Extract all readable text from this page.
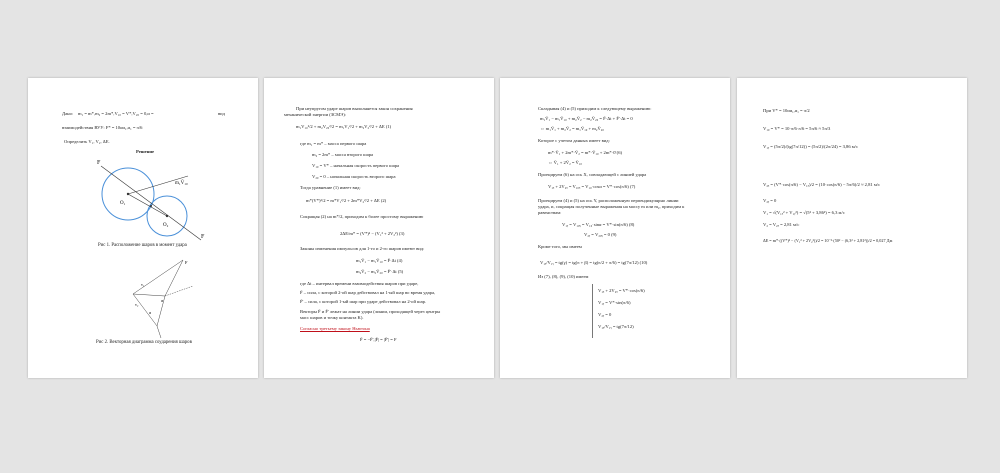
Дано: m₁ = m*,m₂ = 2m*,V₁₀ = V*,V₂₀ = 0,α =	вид
взаимодействия ВУУ: F* = 10αα₁,α₁ = π/6
Определить V₁, V₂, ΔE.
Решение
F
m₁V̄₁₀
O₁
O₂
F
Рис 1. Расположение шаров в момент удара
F
v₁
α
α
v₂
Рис 2. Векторная диаграмма соударения шаров
При неупругом ударе шаров выполняется закон сохранения
механической энергии (ЗСМЭ):
m₁V₁₀²/2 + m₂V₂₀²/2 = m₁V₁²/2 + m₂V₂²/2 + ΔE (1)
где m₁ = m* – масса первого шара
m₂ = 2m* – масса второго шара
V₁₀ = V* – начальная скорость первого шара
V₂₀ = 0 – начальная скорость второго шара
Тогда уравнение (1) имеет вид:
m*(V*)²/2 = m*V₁²/2 + 2m*V₂²/2 + ΔE (2)
Сокращая (2) на m*/2, приходим к более простому выражению
2ΔE/m* = (V*)² − (V₁² + 2V₂²) (3)
Законы изменения импульсов для 1-го и 2-го шаров имеют вид:
m₁V̄₁ − m₁V̄₁₀ = F̄·Δt (4)
m₂V̄₂ − m₂V̄₂₀ = F̄'·Δt (5)
где Δt – интервал времени взаимодействия шаров при ударе,
F̄ – сила, с которой 2-ой шар действовал на 1-ый шар во время удара,
F̄' – сила, с которой 1-ый шар при ударе действовал на 2-ой шар.
Векторы F̄ и F̄' лежат на линии удара (линии, проходящей через центры
масс шаров и точку контакта K).
Согласно третьему закону Ньютона
F̄ = −F̄',|F̄| = |F̄'| = F
Складывая (4) и (5) приходим к следующему выражению:
m₁V̄₁ − m₁V̄₁₀ + m₂V̄₂ − m₂V̄₂₀ = F̄·Δt + F̄'·Δt = 0
⇔ m₁V̄₁ + m₂V̄₂ = m₁V̄₁₀ + m₂V̄₂₀
Которое с учетом данных имеет вид:
m*·V̄₁ + 2m*·V̄₂ = m*·V̄₁₀ + 2m*·0̄ (6)
⇔ V̄₁ + 2V̄₂ = V̄₁₀
Проецируем (6) на ось X, совпадающей с линией удара
V₁ₓ + 2V₂ₓ = V₁₀ₓ = V₁₀·cosα = V*·cos(π/6) (7)
Проецируем (4) и (5) на ось Y, расположенную перпендикулярно линии
удара, и, сокращая полученные выражения на массу m или m₂, приходим к
равенствам:
V₁ᵧ = V₁₀ᵧ = V₁₀·sinα = V*·sin(π/6) (8)
V₂ᵧ = V₂₀ᵧ = 0 (9)
Кроме того, мы имеем
V₁ₓ/V₁ᵧ = tg(γ) = tg(π + β) = tg(π/2 + π/6) = tg(7π/12) (10)
Из (7), (8), (9), (10) имеем
V₁ₓ + 2V₂ₓ = V*·cos(π/6)
V₁ᵧ = V*·sin(π/6)
V₂ᵧ = 0
V₁ₓ/V₁ᵧ = tg(7π/12)
При V* = 10αα₁,α₁ = π/2
V₁₀ = V* = 10·π/6·π/6 = 5π/6 ≈ 5π/3
V₁ᵧ = (5π/2)/(tg(7π/12)) = (5π/2)/(2π/24) = 3,86 м/с
V₂ₓ = (V*·cos(π/6) − V₁ₓ)/2 = (10·cos(π/6) − 5π/6)/2 ≈ 2,81 м/с
V₂ᵧ = 0
V₁ = √(V₁ₓ² + V₁ᵧ²) = √(5² + 3,86²) = 6,3 м/с
V₂ = V₂ₓ = 2,81 м/с
ΔE = m*·((V*)² − (V₁² + 2V₂²))/2 = 10⁻³·(50² − (6,3² + 2,81²))/2 = 0,027 Дж
